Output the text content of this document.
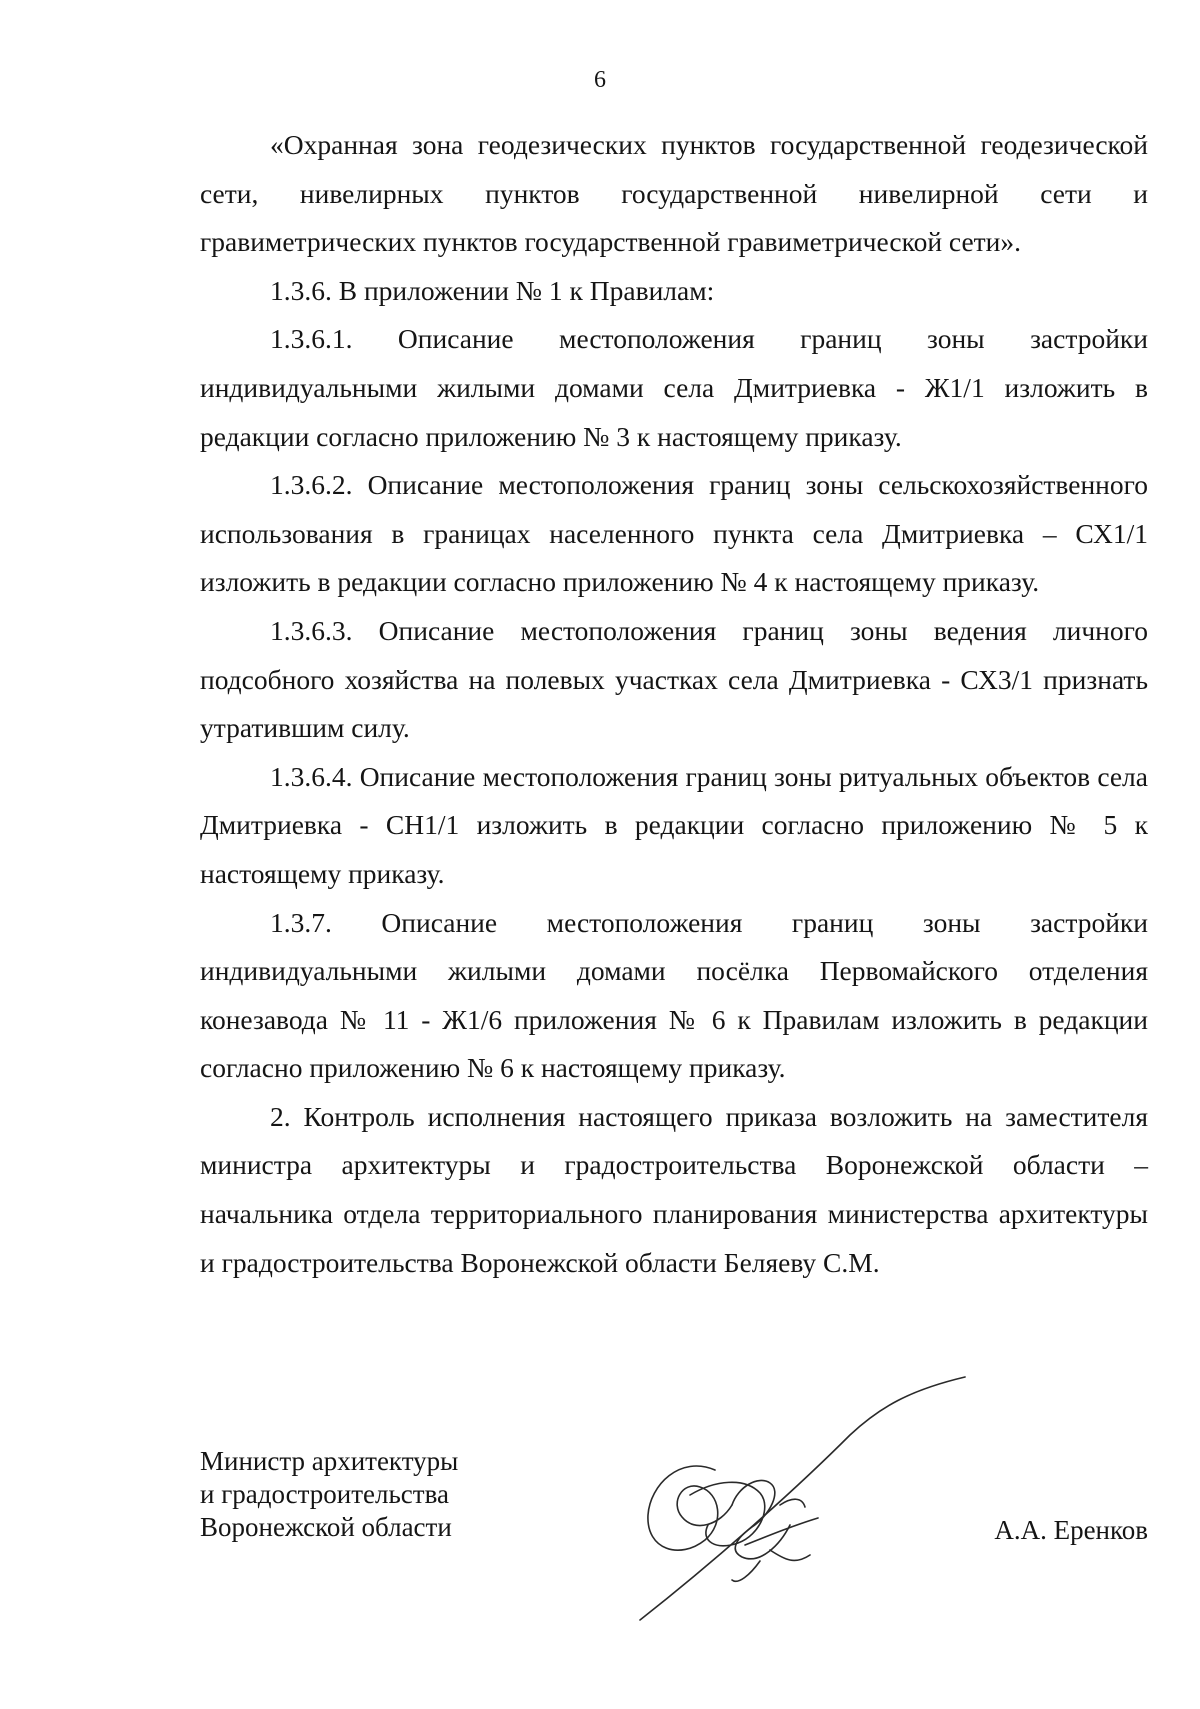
6

«Охранная зона геодезических пунктов государственной геодезической сети, нивелирных пунктов государственной нивелирной сети и гравиметрических пунктов государственной гравиметрической сети».

1.3.6. В приложении № 1 к Правилам:

1.3.6.1. Описание местоположения границ зоны застройки индивидуальными жилыми домами села Дмитриевка - Ж1/1 изложить в редакции согласно приложению № 3 к настоящему приказу.

1.3.6.2. Описание местоположения границ зоны сельскохозяйственного использования в границах населенного пункта села Дмитриевка – СХ1/1 изложить в редакции согласно приложению № 4 к настоящему приказу.

1.3.6.3. Описание местоположения границ зоны ведения личного подсобного хозяйства на полевых участках села Дмитриевка - СХ3/1 признать утратившим силу.

1.3.6.4. Описание местоположения границ зоны ритуальных объектов села Дмитриевка - СН1/1 изложить в редакции согласно приложению № 5 к настоящему приказу.

1.3.7. Описание местоположения границ зоны застройки индивидуальными жилыми домами посёлка Первомайского отделения конезавода № 11 - Ж1/6 приложения № 6 к Правилам изложить в редакции согласно приложению № 6 к настоящему приказу.

2. Контроль исполнения настоящего приказа возложить на заместителя министра архитектуры и градостроительства Воронежской области – начальника отдела территориального планирования министерства архитектуры и градостроительства Воронежской области Беляеву С.М.

Министр архитектуры
и градостроительства
Воронежской области	А.А. Еренков
